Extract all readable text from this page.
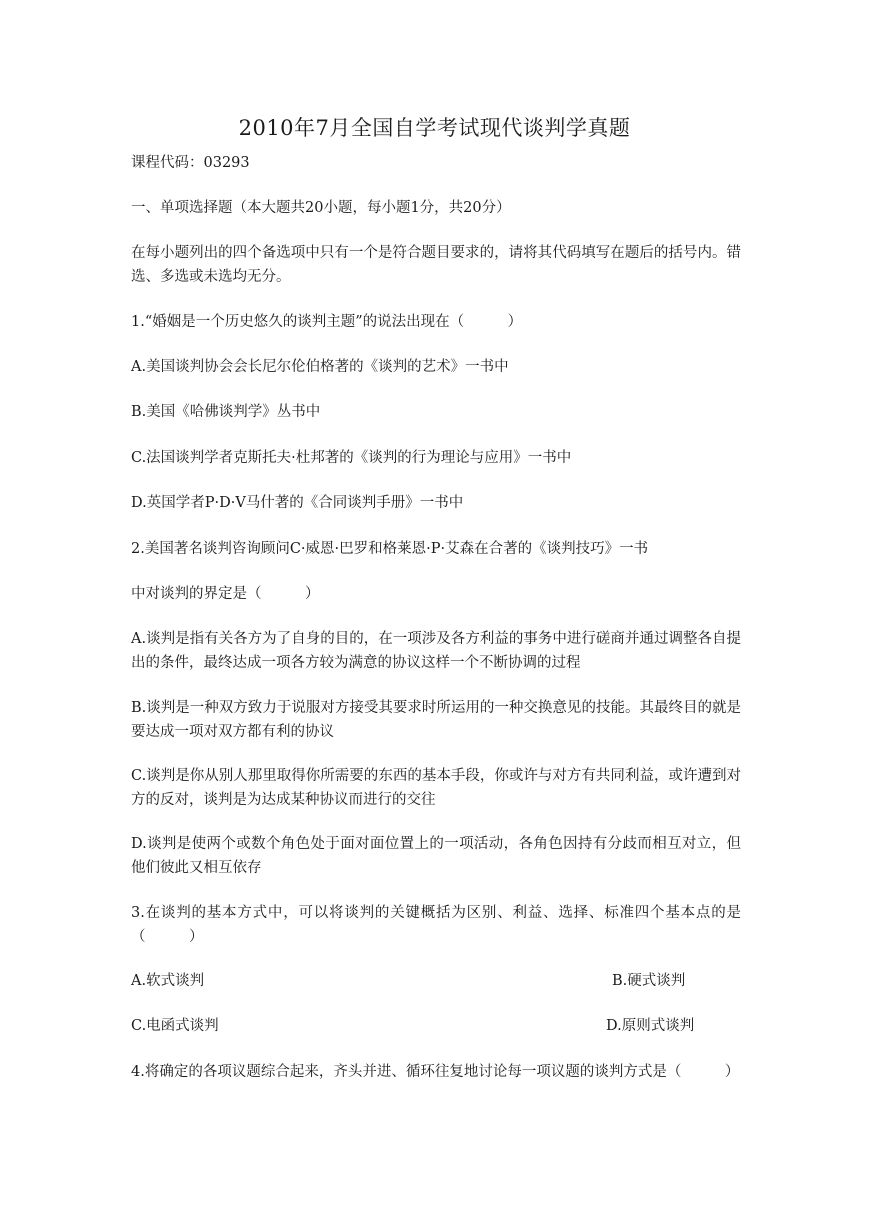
2010年7月全国自学考试现代谈判学真题
课程代码：03293
一、单项选择题（本大题共20小题，每小题1分，共20分）
在每小题列出的四个备选项中只有一个是符合题目要求的，请将其代码填写在题后的括号内。错选、多选或未选均无分。
1.“婚姻是一个历史悠久的谈判主题”的说法出现在（　　　）
A.美国谈判协会会长尼尔伦伯格著的《谈判的艺术》一书中
B.美国《哈佛谈判学》丛书中
C.法国谈判学者克斯托夫·杜邦著的《谈判的行为理论与应用》一书中
D.英国学者P·D·V马什著的《合同谈判手册》一书中
2.美国著名谈判咨询顾问C·威恩·巴罗和格莱恩·P·艾森在合著的《谈判技巧》一书
中对谈判的界定是（　　　）
A.谈判是指有关各方为了自身的目的，在一项涉及各方利益的事务中进行磋商并通过调整各自提出的条件，最终达成一项各方较为满意的协议这样一个不断协调的过程
B.谈判是一种双方致力于说服对方接受其要求时所运用的一种交换意见的技能。其最终目的就是要达成一项对双方都有利的协议
C.谈判是你从别人那里取得你所需要的东西的基本手段，你或许与对方有共同利益，或许遭到对方的反对，谈判是为达成某种协议而进行的交往
D.谈判是使两个或数个角色处于面对面位置上的一项活动，各角色因持有分歧而相互对立，但他们彼此又相互依存
3.在谈判的基本方式中，可以将谈判的关键概括为区别、利益、选择、标准四个基本点的是（　　　）
A.软式谈判	B.硬式谈判
C.电函式谈判	D.原则式谈判
4.将确定的各项议题综合起来，齐头并进、循环往复地讨论每一项议题的谈判方式是（　　　）
